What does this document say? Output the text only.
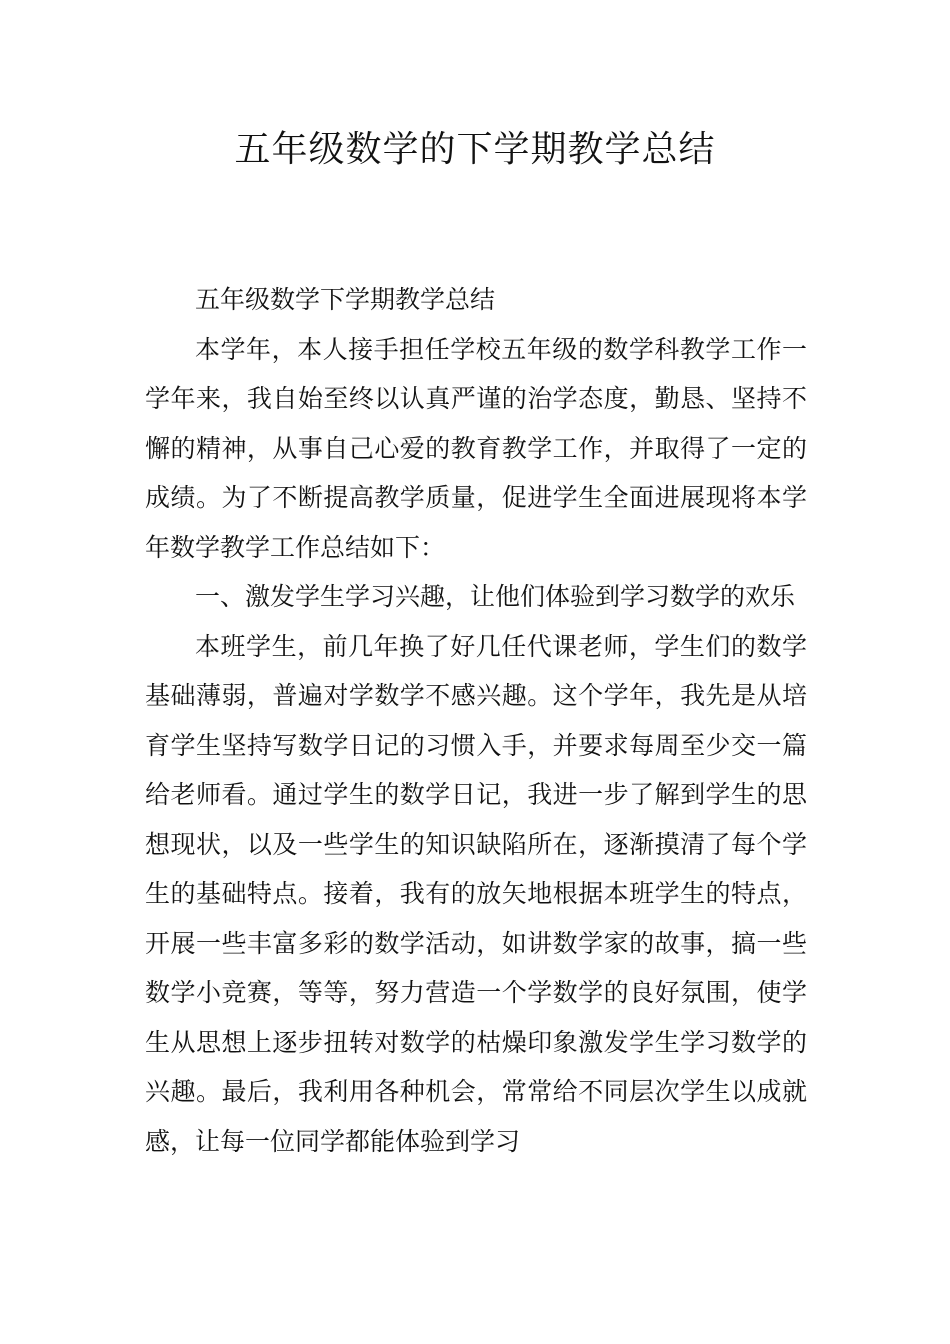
五年级数学的下学期教学总结

五年级数学下学期教学总结

本学年，本人接手担任学校五年级的数学科教学工作一学年来，我自始至终以认真严谨的治学态度，勤恳、坚持不懈的精神，从事自己心爱的教育教学工作，并取得了一定的成绩。为了不断提高教学质量，促进学生全面进展现将本学年数学教学工作总结如下：

一、激发学生学习兴趣，让他们体验到学习数学的欢乐

本班学生，前几年换了好几任代课老师，学生们的数学基础薄弱，普遍对学数学不感兴趣。这个学年，我先是从培育学生坚持写数学日记的习惯入手，并要求每周至少交一篇给老师看。通过学生的数学日记，我进一步了解到学生的思想现状，以及一些学生的知识缺陷所在，逐渐摸清了每个学生的基础特点。接着，我有的放矢地根据本班学生的特点，开展一些丰富多彩的数学活动，如讲数学家的故事，搞一些数学小竞赛，等等，努力营造一个学数学的良好氛围，使学生从思想上逐步扭转对数学的枯燥印象激发学生学习数学的兴趣。最后，我利用各种机会，常常给不同层次学生以成就感，让每一位同学都能体验到学习
